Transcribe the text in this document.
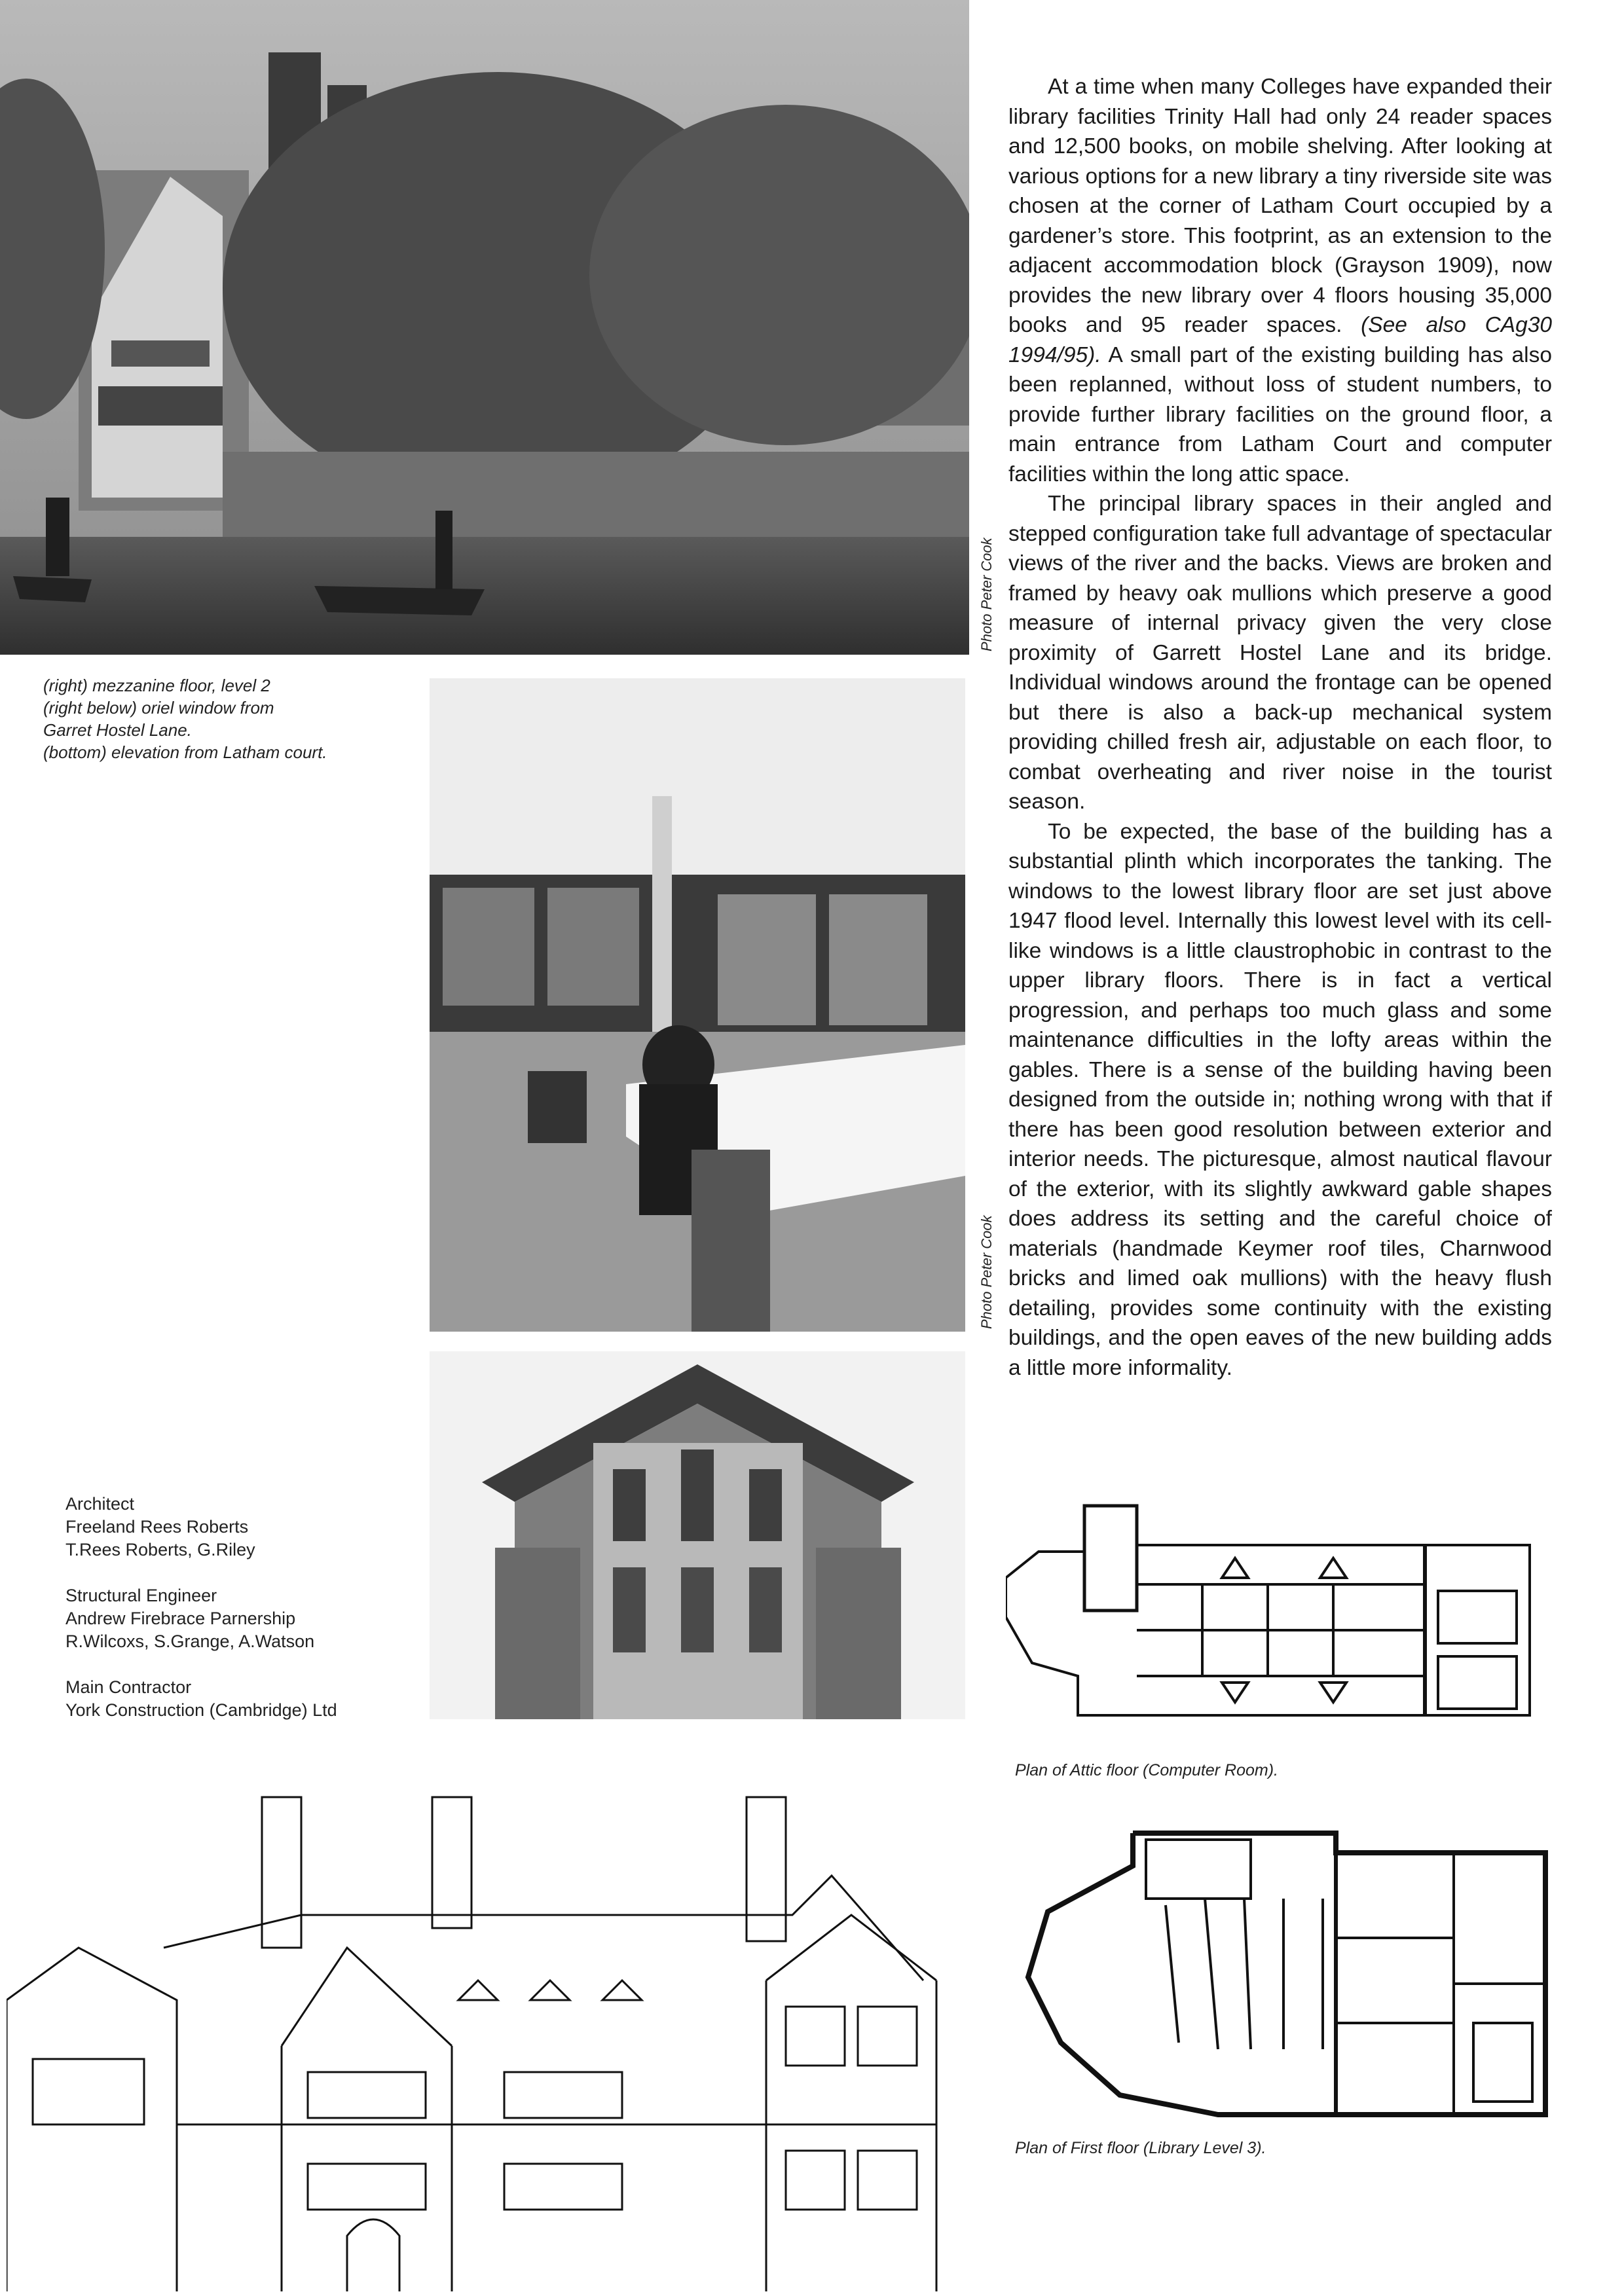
Photo Peter Cook
(right) mezzanine floor, level 2
(right below) oriel window from
Garret Hostel Lane.
(bottom) elevation from Latham court.
Photo Peter Cook

At a time when many Colleges have expanded their library facilities Trinity Hall had only 24 reader spaces and 12,500 books, on mobile shelving. After looking at various options for a new library a tiny riverside site was chosen at the corner of Latham Court occupied by a gardener’s store. This footprint, as an extension to the adjacent accommodation block (Grayson 1909), now provides the new library over 4 floors housing 35,000 books and 95 reader spaces. (See also CAg30 1994/95). A small part of the existing building has also been replanned, without loss of student numbers, to provide further library facilities on the ground floor, a main entrance from Latham Court and computer facilities within the long attic space.

The principal library spaces in their angled and stepped configuration take full advantage of spectacular views of the river and the backs. Views are broken and framed by heavy oak mullions which preserve a good measure of internal privacy given the very close proximity of Garrett Hostel Lane and its bridge. Individual windows around the frontage can be opened but there is also a back-up mechanical system providing chilled fresh air, adjustable on each floor, to combat overheating and river noise in the tourist season.

To be expected, the base of the building has a substantial plinth which incorporates the tanking. The windows to the lowest library floor are set just above 1947 flood level. Internally this lowest level with its cell-like windows is a little claustrophobic in contrast to the upper library floors. There is in fact a vertical progression, and perhaps too much glass and some maintenance difficulties in the lofty areas within the gables. There is a sense of the building having been designed from the outside in; nothing wrong with that if there has been good resolution between exterior and interior needs. The picturesque, almost nautical flavour of the exterior, with its slightly awkward gable shapes does address its setting and the careful choice of materials (handmade Keymer roof tiles, Charnwood bricks and limed oak mullions) with the heavy flush detailing, provides some continuity with the existing buildings, and the open eaves of the new building adds a little more informality.

Architect
Freeland Rees Roberts
T.Rees Roberts, G.Riley
Structural Engineer
Andrew Firebrace Parnership
R.Wilcoxs, S.Grange, A.Watson
Main Contractor
York Construction (Cambridge) Ltd
Plan of Attic floor (Computer Room).
Plan of First floor (Library Level 3).
